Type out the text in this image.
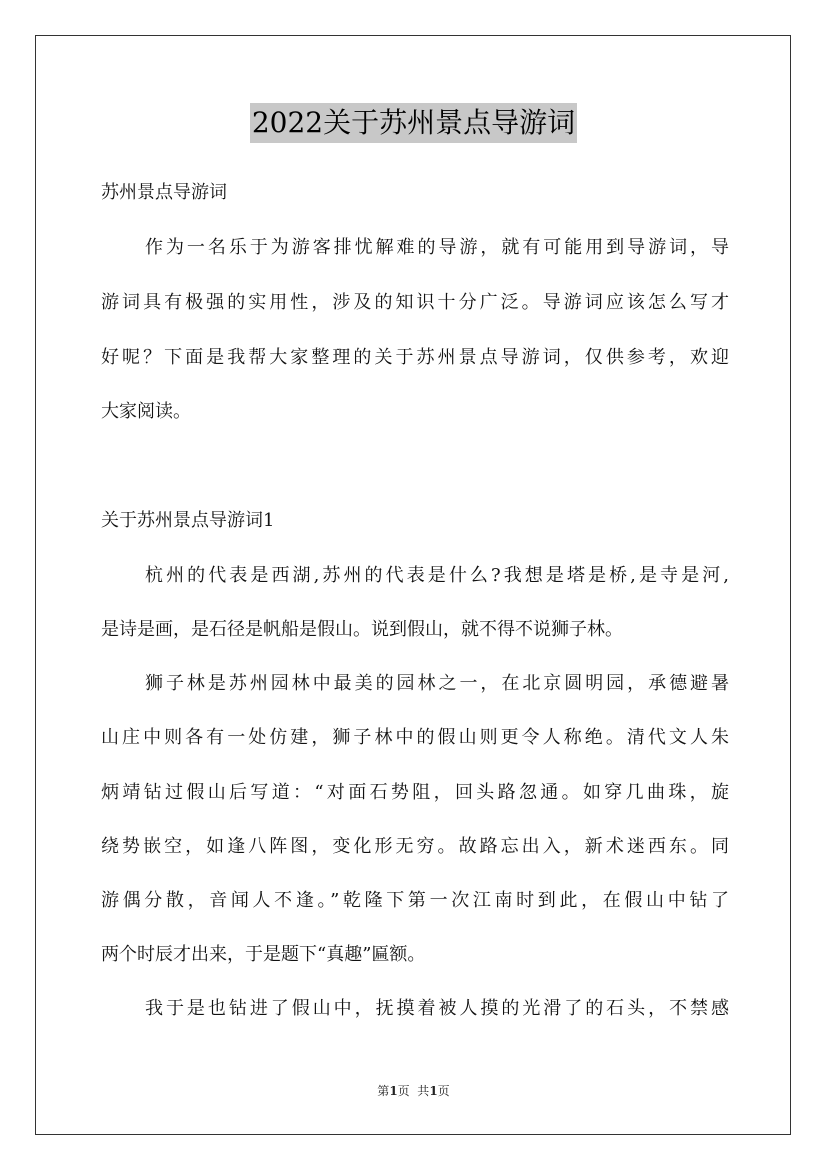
2022关于苏州景点导游词
苏州景点导游词
作为一名乐于为游客排忧解难的导游，就有可能用到导游词，导
游词具有极强的实用性，涉及的知识十分广泛。导游词应该怎么写才
好呢？下面是我帮大家整理的关于苏州景点导游词，仅供参考，欢迎
大家阅读。
关于苏州景点导游词1
杭州的代表是西湖,苏州的代表是什么?我想是塔是桥,是寺是河,
是诗是画，是石径是帆船是假山。说到假山，就不得不说狮子林。
狮子林是苏州园林中最美的园林之一，在北京圆明园，承德避暑
山庄中则各有一处仿建，狮子林中的假山则更令人称绝。清代文人朱
炳靖钻过假山后写道：“对面石势阻，回头路忽通。如穿几曲珠，旋
绕势嵌空，如逢八阵图，变化形无穷。故路忘出入，新术迷西东。同
游偶分散，音闻人不逢。”乾隆下第一次江南时到此，在假山中钻了
两个时辰才出来，于是题下“真趣”匾额。
我于是也钻进了假山中，抚摸着被人摸的光滑了的石头，不禁感
第1页  共1页
